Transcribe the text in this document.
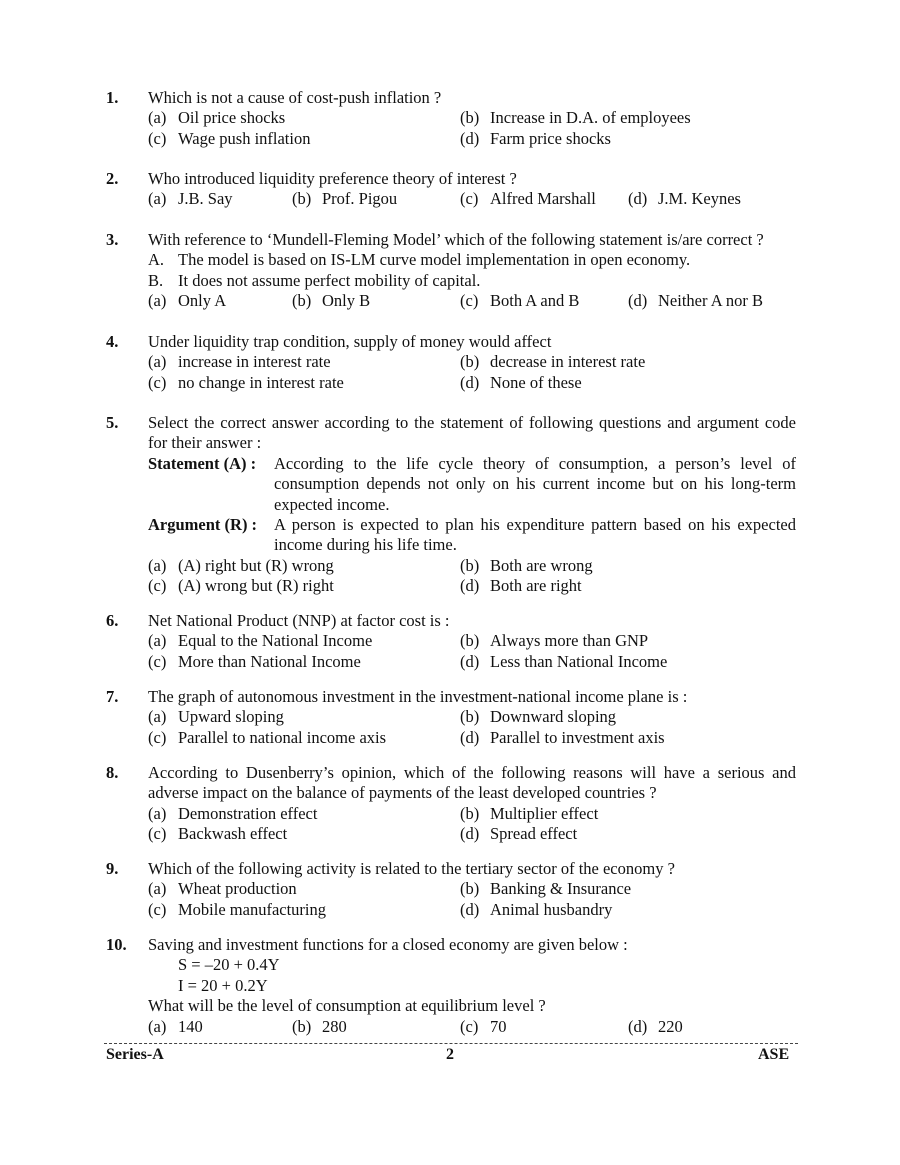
1.	Which is not a cause of cost-push inflation ?
(a) Oil price shocks	(b) Increase in D.A. of employees
(c) Wage push inflation	(d) Farm price shocks
2.	Who introduced liquidity preference theory of interest ?
(a) J.B. Say	(b) Prof. Pigou	(c) Alfred Marshall	(d) J.M. Keynes
3.	With reference to ‘Mundell-Fleming Model’ which of the following statement is/are correct ?
A. The model is based on IS-LM curve model implementation in open economy.
B. It does not assume perfect mobility of capital.
(a) Only A	(b) Only B	(c) Both A and B	(d) Neither A nor B
4.	Under liquidity trap condition, supply of money would affect
(a) increase in interest rate	(b) decrease in interest rate
(c) no change in interest rate	(d) None of these
5.	Select the correct answer according to the statement of following questions and argument code for their answer :
Statement (A) :	According to the life cycle theory of consumption, a person’s level of consumption depends not only on his current income but on his long-term expected income.
Argument (R) :	A person is expected to plan his expenditure pattern based on his expected income during his life time.
(a) (A) right but (R) wrong	(b) Both are wrong
(c) (A) wrong but (R) right	(d) Both are right
6.	Net National Product (NNP) at factor cost is :
(a) Equal to the National Income	(b) Always more than GNP
(c) More than National Income	(d) Less than National Income
7.	The graph of autonomous investment in the investment-national income plane is :
(a) Upward sloping	(b) Downward sloping
(c) Parallel to national income axis	(d) Parallel to investment axis
8.	According to Dusenberry’s opinion, which of the following reasons will have a serious and adverse impact on the balance of payments of the least developed countries ?
(a) Demonstration effect	(b) Multiplier effect
(c) Backwash effect	(d) Spread effect
9.	Which of the following activity is related to the tertiary sector of the economy ?
(a) Wheat production	(b) Banking & Insurance
(c) Mobile manufacturing	(d) Animal husbandry
10.	Saving and investment functions for a closed economy are given below :
S = –20 + 0.4Y
I = 20 + 0.2Y
What will be the level of consumption at equilibrium level ?
(a) 140	(b) 280	(c) 70	(d) 220
Series-A	2	ASE
